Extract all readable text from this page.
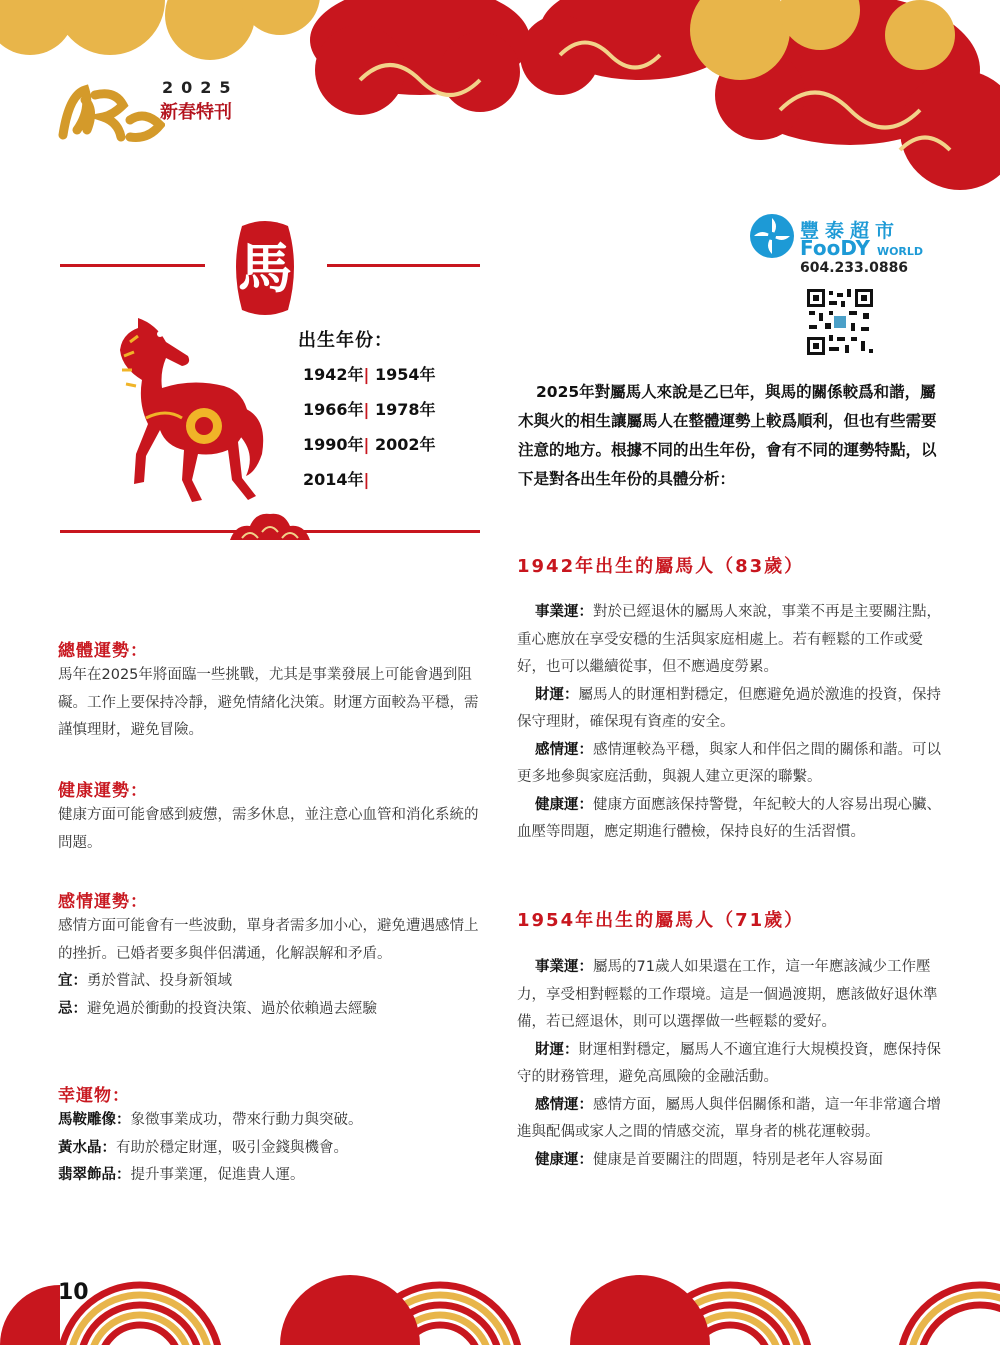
2025
新春特刊
馬
出生年份：
1942年| 1954年
1966年| 1978年
1990年| 2002年
2014年|
豐泰超市
FooDY WORLD
604.233.0886
2025年對屬馬人來說是乙巳年，與馬的關係較爲和諧，屬木與火的相生讓屬馬人在整體運勢上較爲順利，但也有些需要注意的地方。根據不同的出生年份，會有不同的運勢特點，以下是對各出生年份的具體分析：
1942年出生的屬馬人（83歲）

事業運：對於已經退休的屬馬人來說，事業不再是主要關注點，重心應放在享受安穩的生活與家庭相處上。若有輕鬆的工作或愛好，也可以繼續從事，但不應過度勞累。

財運：屬馬人的財運相對穩定，但應避免過於激進的投資，保持保守理財，確保現有資產的安全。

感情運：感情運較為平穩，與家人和伴侶之間的關係和諧。可以更多地參與家庭活動，與親人建立更深的聯繫。

健康運：健康方面應該保持警覺，年紀較大的人容易出現心臟、血壓等問題，應定期進行體檢，保持良好的生活習慣。

1954年出生的屬馬人（71歲）

事業運：屬馬的71歲人如果還在工作，這一年應該減少工作壓力，享受相對輕鬆的工作環境。這是一個過渡期，應該做好退休準備，若已經退休，則可以選擇做一些輕鬆的愛好。

財運：財運相對穩定，屬馬人不適宜進行大規模投資，應保持保守的財務管理，避免高風險的金融活動。

感情運：感情方面，屬馬人與伴侶關係和諧，這一年非常適合增進與配偶或家人之間的情感交流，單身者的桃花運較弱。

健康運：健康是首要關注的問題，特別是老年人容易面

總體運勢：
馬年在2025年將面臨一些挑戰，尤其是事業發展上可能會遇到阻礙。工作上要保持冷靜，避免情緒化決策。財運方面較為平穩，需謹慎理財，避免冒險。
健康運勢：
健康方面可能會感到疲憊，需多休息，並注意心血管和消化系統的問題。
感情運勢：

感情方面可能會有一些波動，單身者需多加小心，避免遭遇感情上的挫折。已婚者要多與伴侶溝通，化解誤解和矛盾。

宜：勇於嘗試、投身新領域

忌：避免過於衝動的投資決策、過於依賴過去經驗

幸運物：

馬鞍雕像：象徵事業成功，帶來行動力與突破。

黃水晶：有助於穩定財運，吸引金錢與機會。

翡翠飾品：提升事業運，促進貴人運。

10
